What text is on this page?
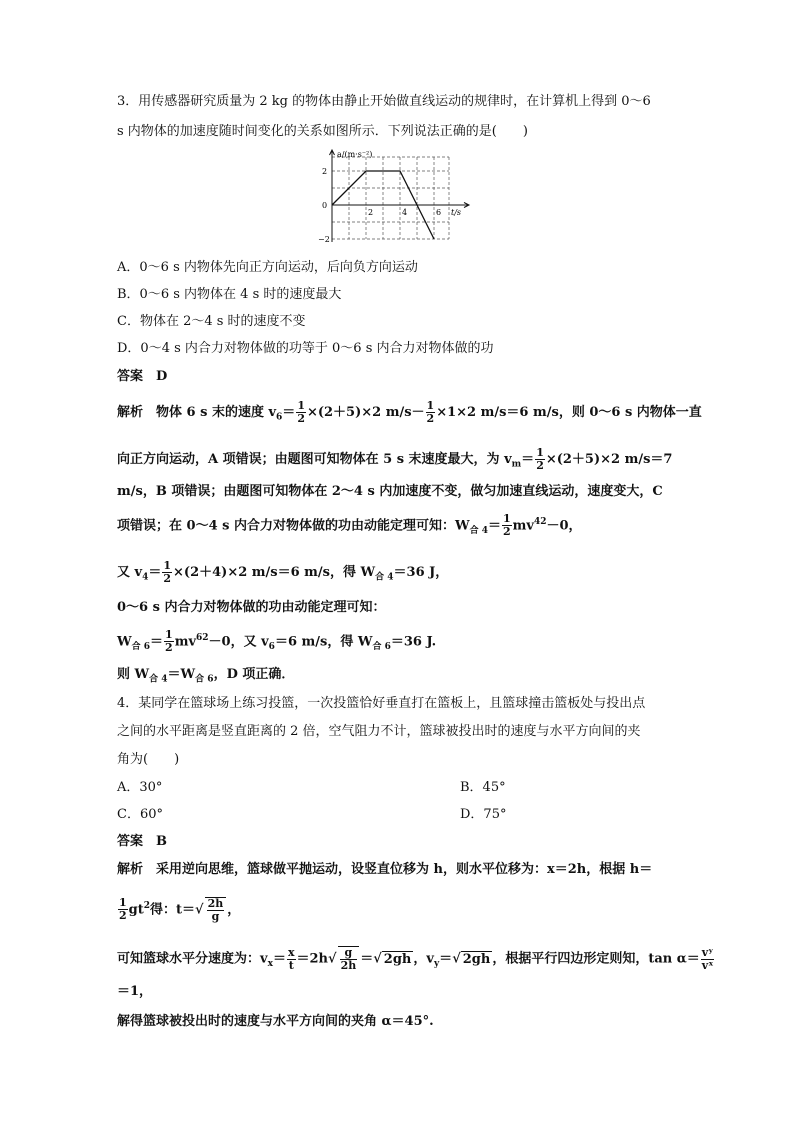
3．用传感器研究质量为 2 kg 的物体由静止开始做直线运动的规律时，在计算机上得到 0～6
s 内物体的加速度随时间变化的关系如图所示．下列说法正确的是(　　)
a/(m·s⁻²)
t/s
2
0
−2
2	4	6
A．0～6 s 内物体先向正方向运动，后向负方向运动
B．0～6 s 内物体在 4 s 时的速度最大
C．物体在 2～4 s 时的速度不变
D．0～4 s 内合力对物体做的功等于 0～6 s 内合力对物体做的功
答案　D
解析　物体 6 s 末的速度 $v_6= \frac{1}{2} \times(2+5)\times 2$ $m/s- \frac{1}{2} \times 1\times 2$ m/s＝6 m/s，则 0～6 s 内物体一直
向正方向运动，A 项错误；由题图可知物体在 5 s 末速度最大，为 $v_m= \frac{1}{2} \times(2+5)\times 2$ m/s＝7
m/s，B 项错误；由题图可知物体在 2～4 s 内加速度不变，做匀加速直线运动，速度变大，C
项错误；在 0～4 s 内合力对物体做的功由动能定理可知：$W_{合 4}= \frac{1}{2} mv^{42}-0$，
又 $v_4= \frac{1}{2} \times(2+4)\times 2$ m/s＝6 m/s，得 $W_{合 4}=36$ J，
0～6 s 内合力对物体做的功由动能定理可知：
$W_{合 6}= \frac{1}{2} mv^{62}-0$，又 $v_6=6$ m/s，得 $W_{合 6}=36$ J.
则 $W_{合 4}=W_{合 6}$，D 项正确．
4．某同学在篮球场上练习投篮，一次投篮恰好垂直打在篮板上，且篮球撞击篮板处与投出点
之间的水平距离是竖直距离的 2 倍，空气阻力不计，篮球被投出时的速度与水平方向间的夹
角为(　　)
A．30°	B．45°
C．60°	D．75°
答案　B
解析　采用逆向思维，篮球做平抛运动，设竖直位移为 h，则水平位移为：x＝2h，根据 h＝
$\frac{1}{2} gt^2$得：$t=√ \frac{2h}{g}$ ，
可知篮球水平分速度为：$v_x= \frac{x}{t} =2h√ \frac{g}{2h}$ ＝√ 2gh ，$v_y=√$ 2gh ，根据平行四边形定则知，$\tan \alpha= \frac{\text{vʸ}}{\text{vˣ}}$
＝1，
解得篮球被投出时的速度与水平方向间的夹角 α＝45°.
